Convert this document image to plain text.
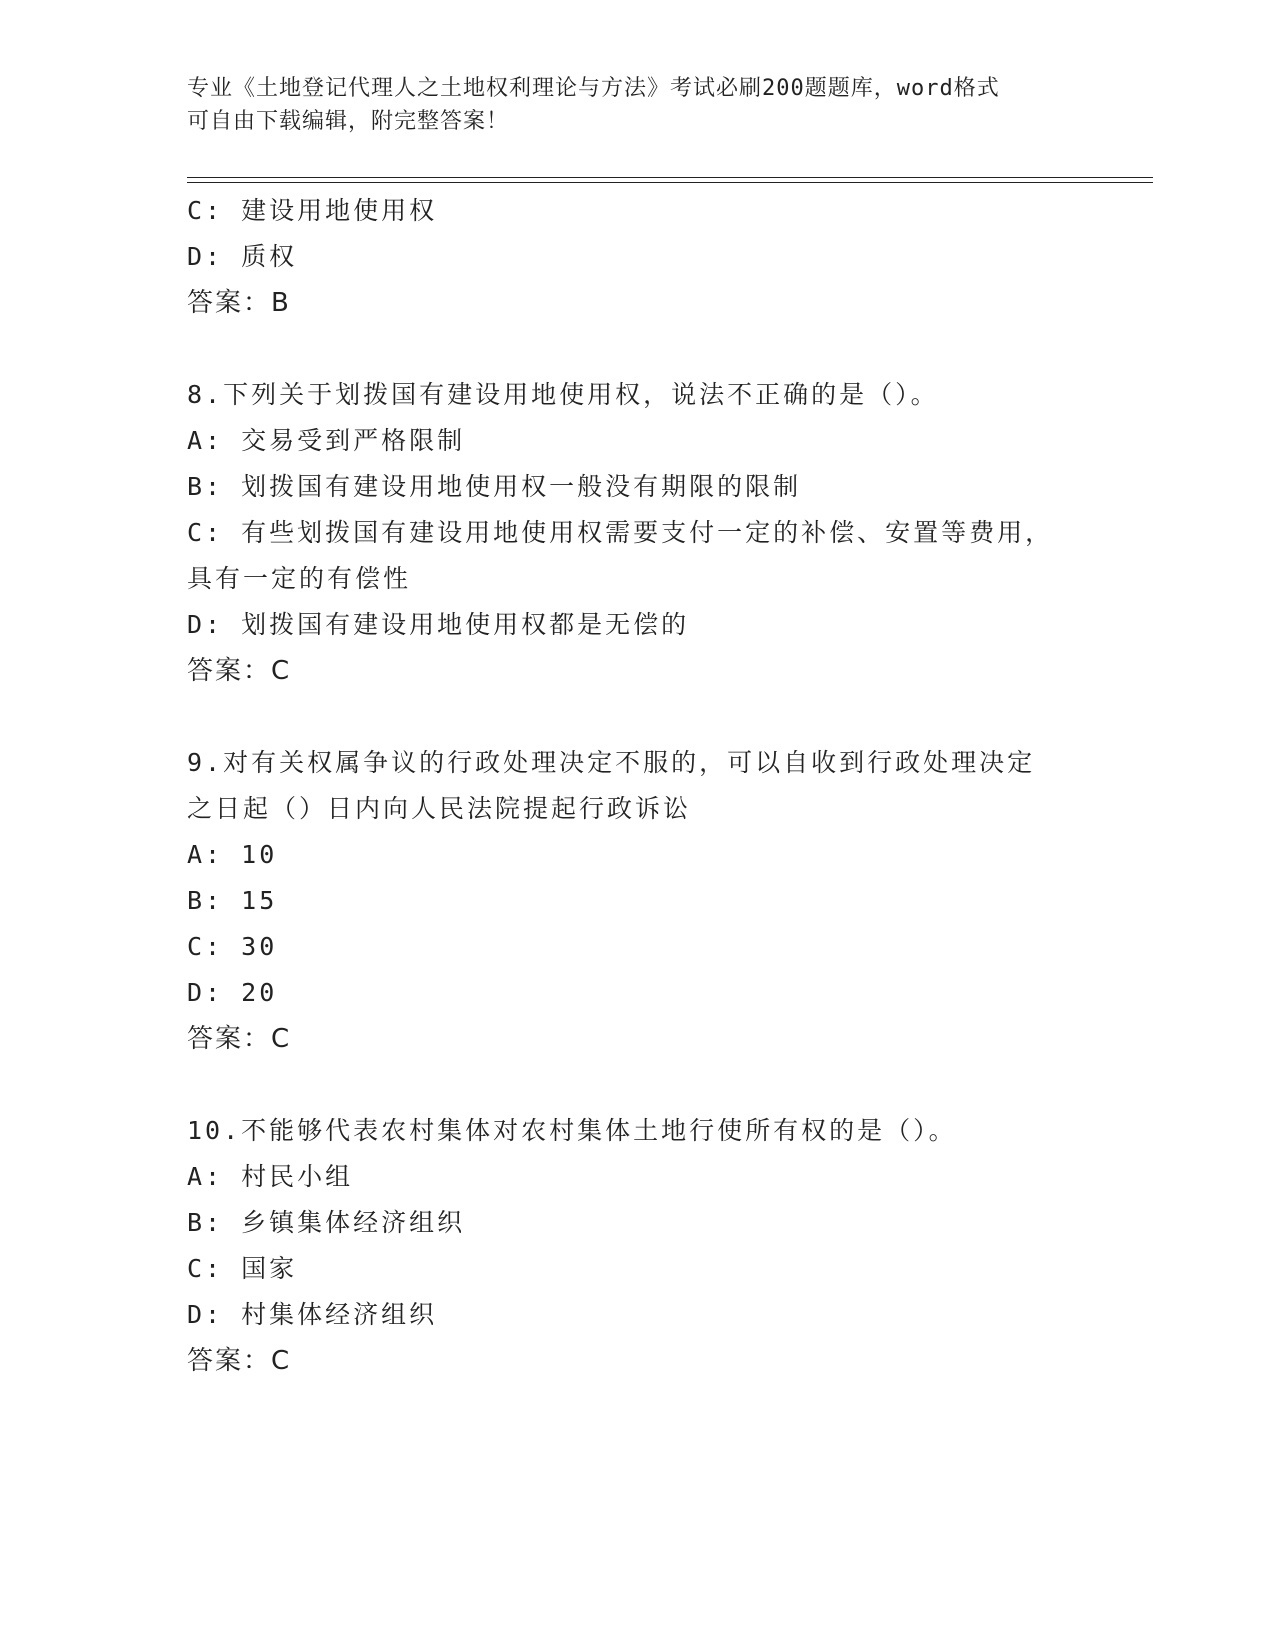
专业《土地登记代理人之土地权利理论与方法》考试必刷200题题库，word格式
可自由下载编辑，附完整答案！
C: 建设用地使用权
D: 质权
答案：B
8.下列关于划拨国有建设用地使用权，说法不正确的是（）。
A: 交易受到严格限制
B: 划拨国有建设用地使用权一般没有期限的限制
C: 有些划拨国有建设用地使用权需要支付一定的补偿、安置等费用，
具有一定的有偿性
D: 划拨国有建设用地使用权都是无偿的
答案：C
9.对有关权属争议的行政处理决定不服的，可以自收到行政处理决定
之日起（）日内向人民法院提起行政诉讼
A: 10
B: 15
C: 30
D: 20
答案：C
10.不能够代表农村集体对农村集体土地行使所有权的是（）。
A: 村民小组
B: 乡镇集体经济组织
C: 国家
D: 村集体经济组织
答案：C
